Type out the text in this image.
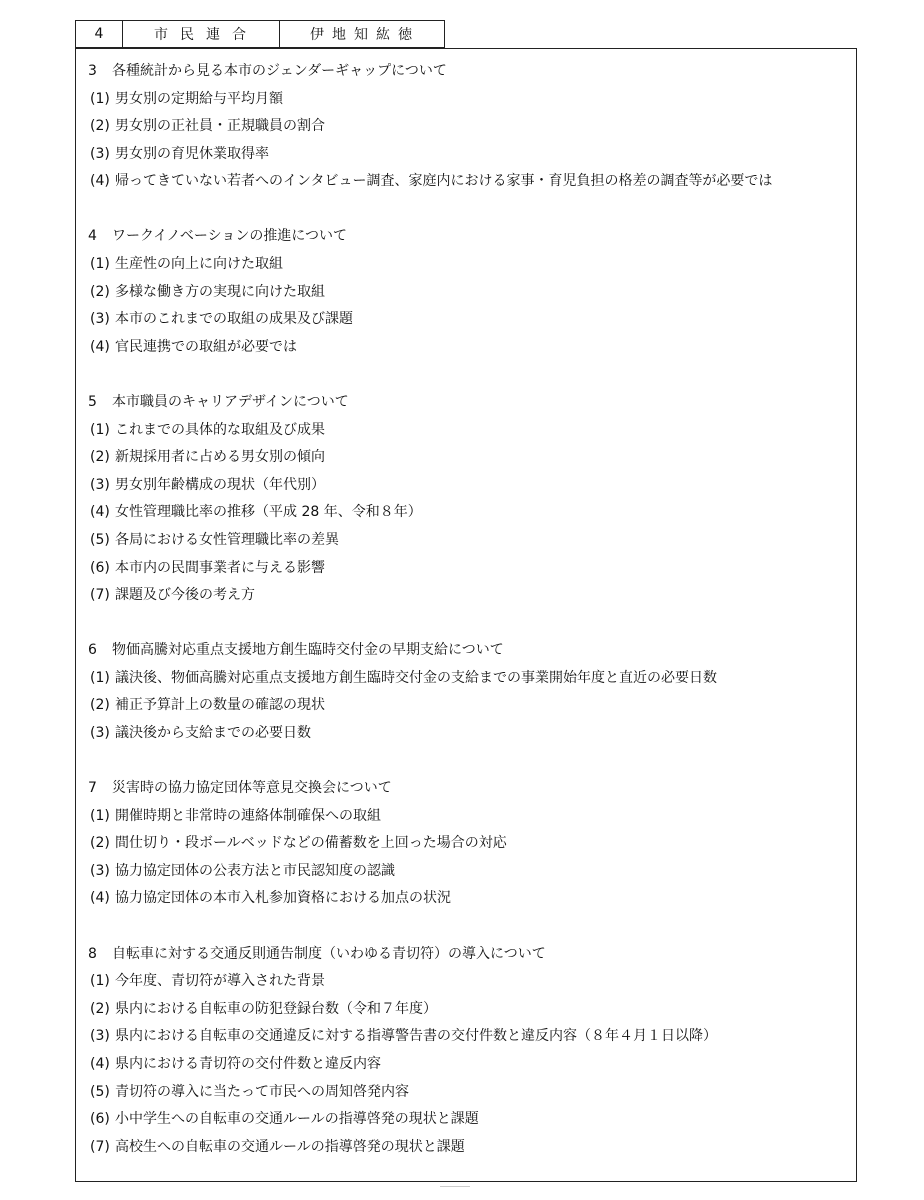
4	市民連合	伊地知紘徳
3 各種統計から見る本市のジェンダーギャップについて
(1) 男女別の定期給与平均月額
(2) 男女別の正社員・正規職員の割合
(3) 男女別の育児休業取得率
(4) 帰ってきていない若者へのインタビュー調査、家庭内における家事・育児負担の格差の調査等が必要では
4 ワークイノベーションの推進について
(1) 生産性の向上に向けた取組
(2) 多様な働き方の実現に向けた取組
(3) 本市のこれまでの取組の成果及び課題
(4) 官民連携での取組が必要では
5 本市職員のキャリアデザインについて
(1) これまでの具体的な取組及び成果
(2) 新規採用者に占める男女別の傾向
(3) 男女別年齢構成の現状（年代別）
(4) 女性管理職比率の推移（平成 28 年、令和８年）
(5) 各局における女性管理職比率の差異
(6) 本市内の民間事業者に与える影響
(7) 課題及び今後の考え方
6 物価高騰対応重点支援地方創生臨時交付金の早期支給について
(1) 議決後、物価高騰対応重点支援地方創生臨時交付金の支給までの事業開始年度と直近の必要日数
(2) 補正予算計上の数量の確認の現状
(3) 議決後から支給までの必要日数
7 災害時の協力協定団体等意見交換会について
(1) 開催時期と非常時の連絡体制確保への取組
(2) 間仕切り・段ボールベッドなどの備蓄数を上回った場合の対応
(3) 協力協定団体の公表方法と市民認知度の認識
(4) 協力協定団体の本市入札参加資格における加点の状況
8 自転車に対する交通反則通告制度（いわゆる青切符）の導入について
(1) 今年度、青切符が導入された背景
(2) 県内における自転車の防犯登録台数（令和７年度）
(3) 県内における自転車の交通違反に対する指導警告書の交付件数と違反内容（８年４月１日以降）
(4) 県内における青切符の交付件数と違反内容
(5) 青切符の導入に当たって市民への周知啓発内容
(6) 小中学生への自転車の交通ルールの指導啓発の現状と課題
(7) 高校生への自転車の交通ルールの指導啓発の現状と課題
